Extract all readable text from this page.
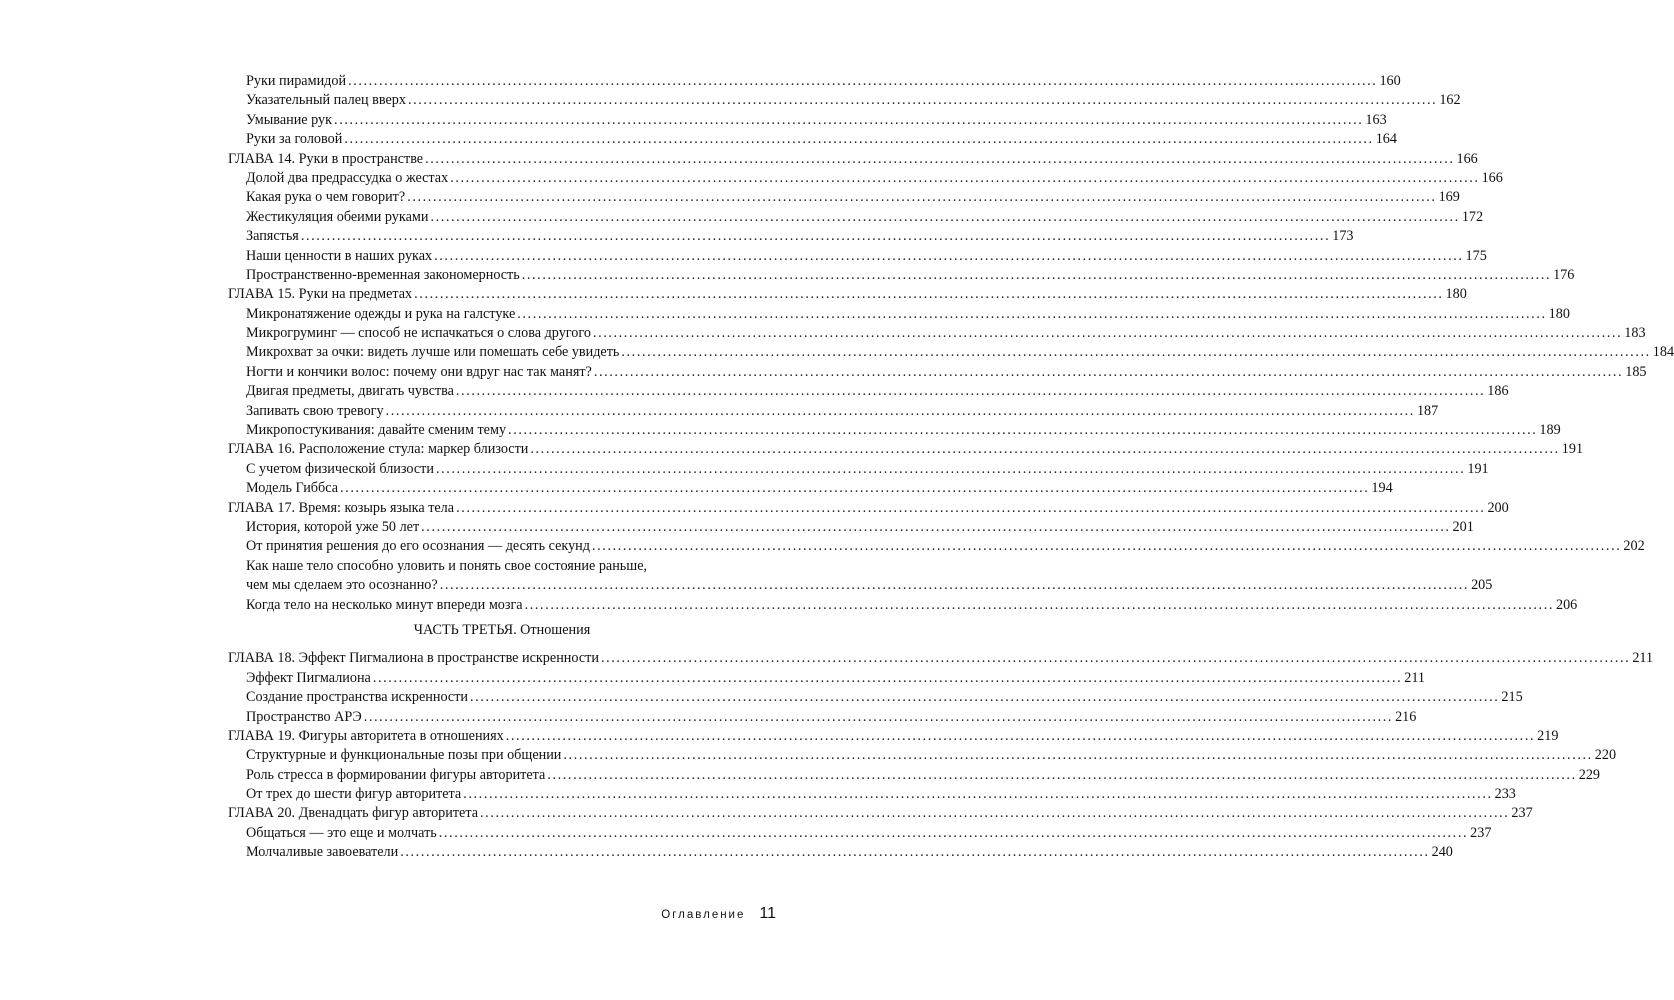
Руки пирамидой ........................................................................................................................................................................................................ 160
Указательный палец вверх ........................................................................................................................................................................................................ 162
Умывание рук ........................................................................................................................................................................................................ 163
Руки за головой ........................................................................................................................................................................................................ 164
ГЛАВА 14. Руки в пространстве ........................................................................................................................................................................................................ 166
Долой два предрассудка о жестах ........................................................................................................................................................................................................ 166
Какая рука о чем говорит? ........................................................................................................................................................................................................ 169
Жестикуляция обеими руками ........................................................................................................................................................................................................ 172
Запястья ........................................................................................................................................................................................................ 173
Наши ценности в наших руках ........................................................................................................................................................................................................ 175
Пространственно-временная закономерность ........................................................................................................................................................................................................ 176
ГЛАВА 15. Руки на предметах ........................................................................................................................................................................................................ 180
Микронатяжение одежды и рука на галстуке ........................................................................................................................................................................................................ 180
Микрогруминг — способ не испачкаться о слова другого ........................................................................................................................................................................................................ 183
Микрохват за очки: видеть лучше или помешать себе увидеть ........................................................................................................................................................................................................ 184
Ногти и кончики волос: почему они вдруг нас так манят? ........................................................................................................................................................................................................ 185
Двигая предметы, двигать чувства ........................................................................................................................................................................................................ 186
Запивать свою тревогу ........................................................................................................................................................................................................ 187
Микропостукивания: давайте сменим тему ........................................................................................................................................................................................................ 189
ГЛАВА 16. Расположение стула: маркер близости ........................................................................................................................................................................................................ 191
С учетом физической близости ........................................................................................................................................................................................................ 191
Модель Гиббса ........................................................................................................................................................................................................ 194
ГЛАВА 17. Время: козырь языка тела ........................................................................................................................................................................................................ 200
История, которой уже 50 лет ........................................................................................................................................................................................................ 201
От принятия решения до его осознания — десять секунд ........................................................................................................................................................................................................ 202
Как наше тело способно уловить и понять свое состояние раньше,
чем мы сделаем это осознанно? ........................................................................................................................................................................................................ 205
Когда тело на несколько минут впереди мозга ........................................................................................................................................................................................................ 206
ЧАСТЬ ТРЕТЬЯ. Отношения
ГЛАВА 18. Эффект Пигмалиона в пространстве искренности ........................................................................................................................................................................................................ 211
Эффект Пигмалиона ........................................................................................................................................................................................................ 211
Создание пространства искренности ........................................................................................................................................................................................................ 215
Пространство АРЭ ........................................................................................................................................................................................................ 216
ГЛАВА 19. Фигуры авторитета в отношениях ........................................................................................................................................................................................................ 219
Структурные и функциональные позы при общении ........................................................................................................................................................................................................ 220
Роль стресса в формировании фигуры авторитета ........................................................................................................................................................................................................ 229
От трех до шести фигур авторитета ........................................................................................................................................................................................................ 233
ГЛАВА 20. Двенадцать фигур авторитета ........................................................................................................................................................................................................ 237
Общаться — это еще и молчать ........................................................................................................................................................................................................ 237
Молчаливые завоеватели ........................................................................................................................................................................................................ 240
Оглавление 11
